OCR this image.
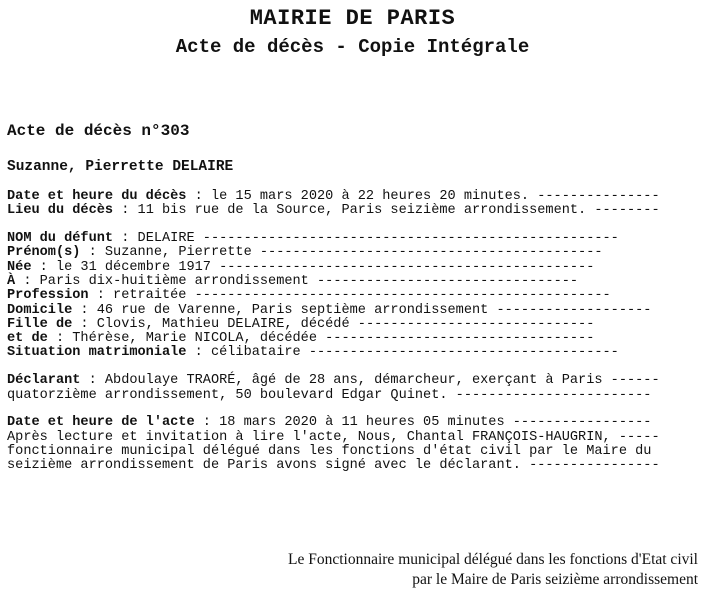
MAIRIE DE PARIS
Acte de décès - Copie Intégrale
Acte de décès n°303
Suzanne, Pierrette DELAIRE
Date et heure du décès : le 15 mars 2020 à 22 heures 20 minutes. ---------------
Lieu du décès : 11 bis rue de la Source, Paris seizième arrondissement. --------
NOM du défunt : DELAIRE ---------------------------------------------------
Prénom(s) : Suzanne, Pierrette ------------------------------------------
Née : le 31 décembre 1917 ----------------------------------------------
À : Paris dix-huitième arrondissement --------------------------------
Profession : retraitée ---------------------------------------------------
Domicile : 46 rue de Varenne, Paris septième arrondissement -------------------
Fille de : Clovis, Mathieu DELAIRE, décédé -----------------------------
et de : Thérèse, Marie NICOLA, décédée ---------------------------------
Situation matrimoniale : célibataire --------------------------------------
Déclarant : Abdoulaye TRAORÉ, âgé de 28 ans, démarcheur, exerçant à Paris ------
quatorzième arrondissement, 50 boulevard Edgar Quinet. ------------------------
Date et heure de l'acte : 18 mars 2020 à 11 heures 05 minutes -----------------
Après lecture et invitation à lire l'acte, Nous, Chantal FRANÇOIS-HAUGRIN, -----
fonctionnaire municipal délégué dans les fonctions d'état civil par le Maire du
seizième arrondissement de Paris avons signé avec le déclarant. ----------------
Le Fonctionnaire municipal délégué dans les fonctions d'Etat civil
par le Maire de Paris seizième arrondissement
